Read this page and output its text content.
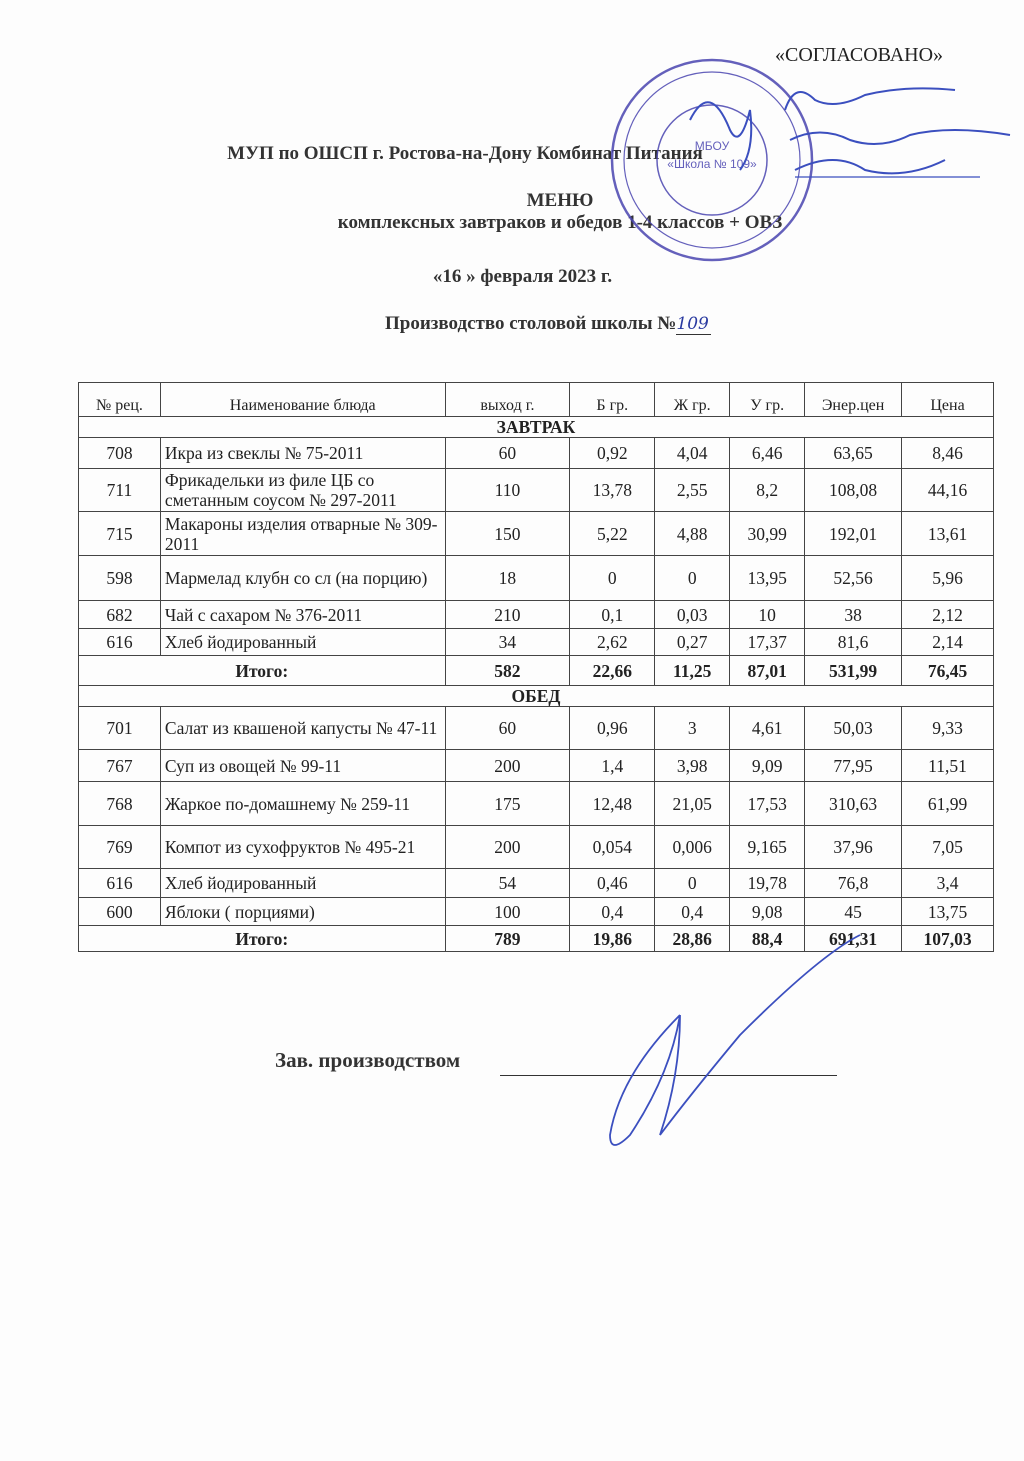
«СОГЛАСОВАНО»
МУП по ОШСП г. Ростова-на-Дону Комбинат Питания
МЕНЮ
комплексных завтраков и обедов 1-4 классов + ОВЗ
«16 » февраля 2023 г.
Производство столовой школы №109
№ рец.	Наименование блюда	выход г.	Б гр.	Ж гр.	У гр.	Энер.цен	Цена
ЗАВТРАК							
708	Икра из свеклы № 75-2011	60	0,92	4,04	6,46	63,65	8,46
711	Фрикадельки из филе ЦБ со сметанным соусом № 297-2011	110	13,78	2,55	8,2	108,08	44,16
715	Макароны изделия отварные № 309-2011	150	5,22	4,88	30,99	192,01	13,61
598	Мармелад клубн со сл (на порцию)	18	0	0	13,95	52,56	5,96
682	Чай с сахаром № 376-2011	210	0,1	0,03	10	38	2,12
616	Хлеб йодированный	34	2,62	0,27	17,37	81,6	2,14
Итого:		582	22,66	11,25	87,01	531,99	76,45
ОБЕД							
701	Салат из квашеной капусты № 47-11	60	0,96	3	4,61	50,03	9,33
767	Суп из овощей № 99-11	200	1,4	3,98	9,09	77,95	11,51
768	Жаркое по-домашнему № 259-11	175	12,48	21,05	17,53	310,63	61,99
769	Компот из сухофруктов № 495-21	200	0,054	0,006	9,165	37,96	7,05
616	Хлеб йодированный	54	0,46	0	19,78	76,8	3,4
600	Яблоки ( порциями)	100	0,4	0,4	9,08	45	13,75
Итого:		789	19,86	28,86	88,4	691,31	107,03
Зав. производством
МБОУ
«Школа № 109»
